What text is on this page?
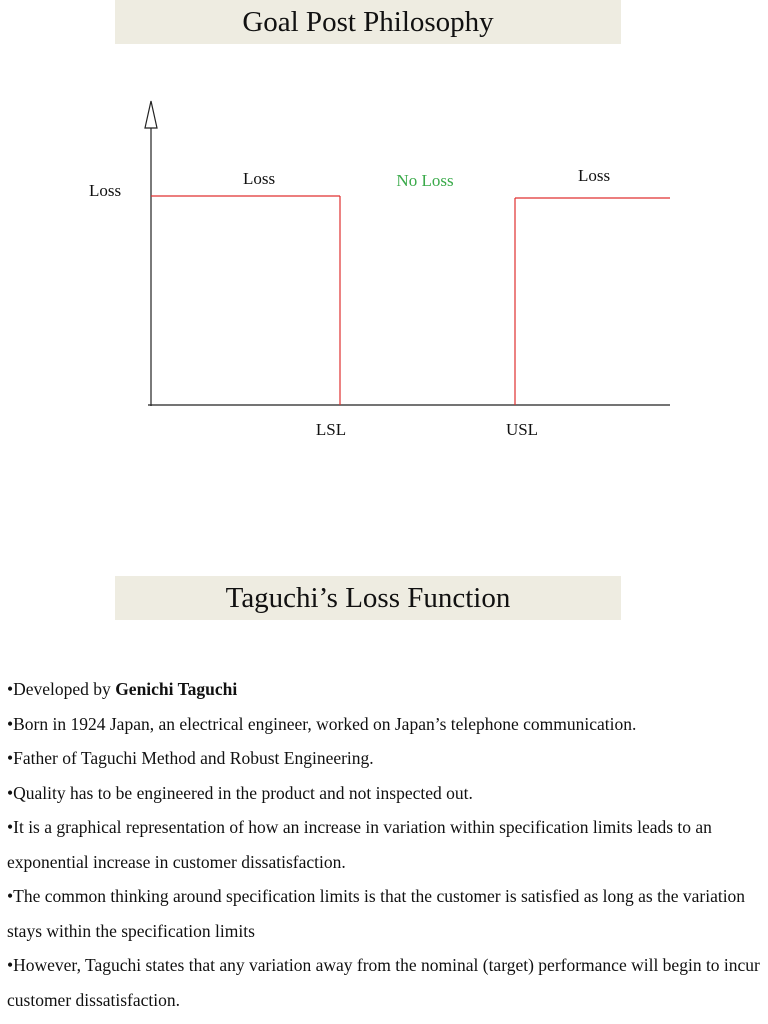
Goal Post Philosophy
Loss
Loss	No Loss	Loss
LSL	USL
Taguchi’s Loss Function
•Developed by Genichi Taguchi
•Born in 1924 Japan, an electrical engineer, worked on Japan’s telephone communication.
•Father of Taguchi Method and Robust Engineering.
•Quality has to be engineered in the product and not inspected out.
•It is a graphical representation of how an increase in variation within specification limits leads to an exponential increase in customer dissatisfaction.
•The common thinking around specification limits is that the customer is satisfied as long as the variation stays within the specification limits
•However, Taguchi states that any variation away from the nominal (target) performance will begin to incur customer dissatisfaction.
